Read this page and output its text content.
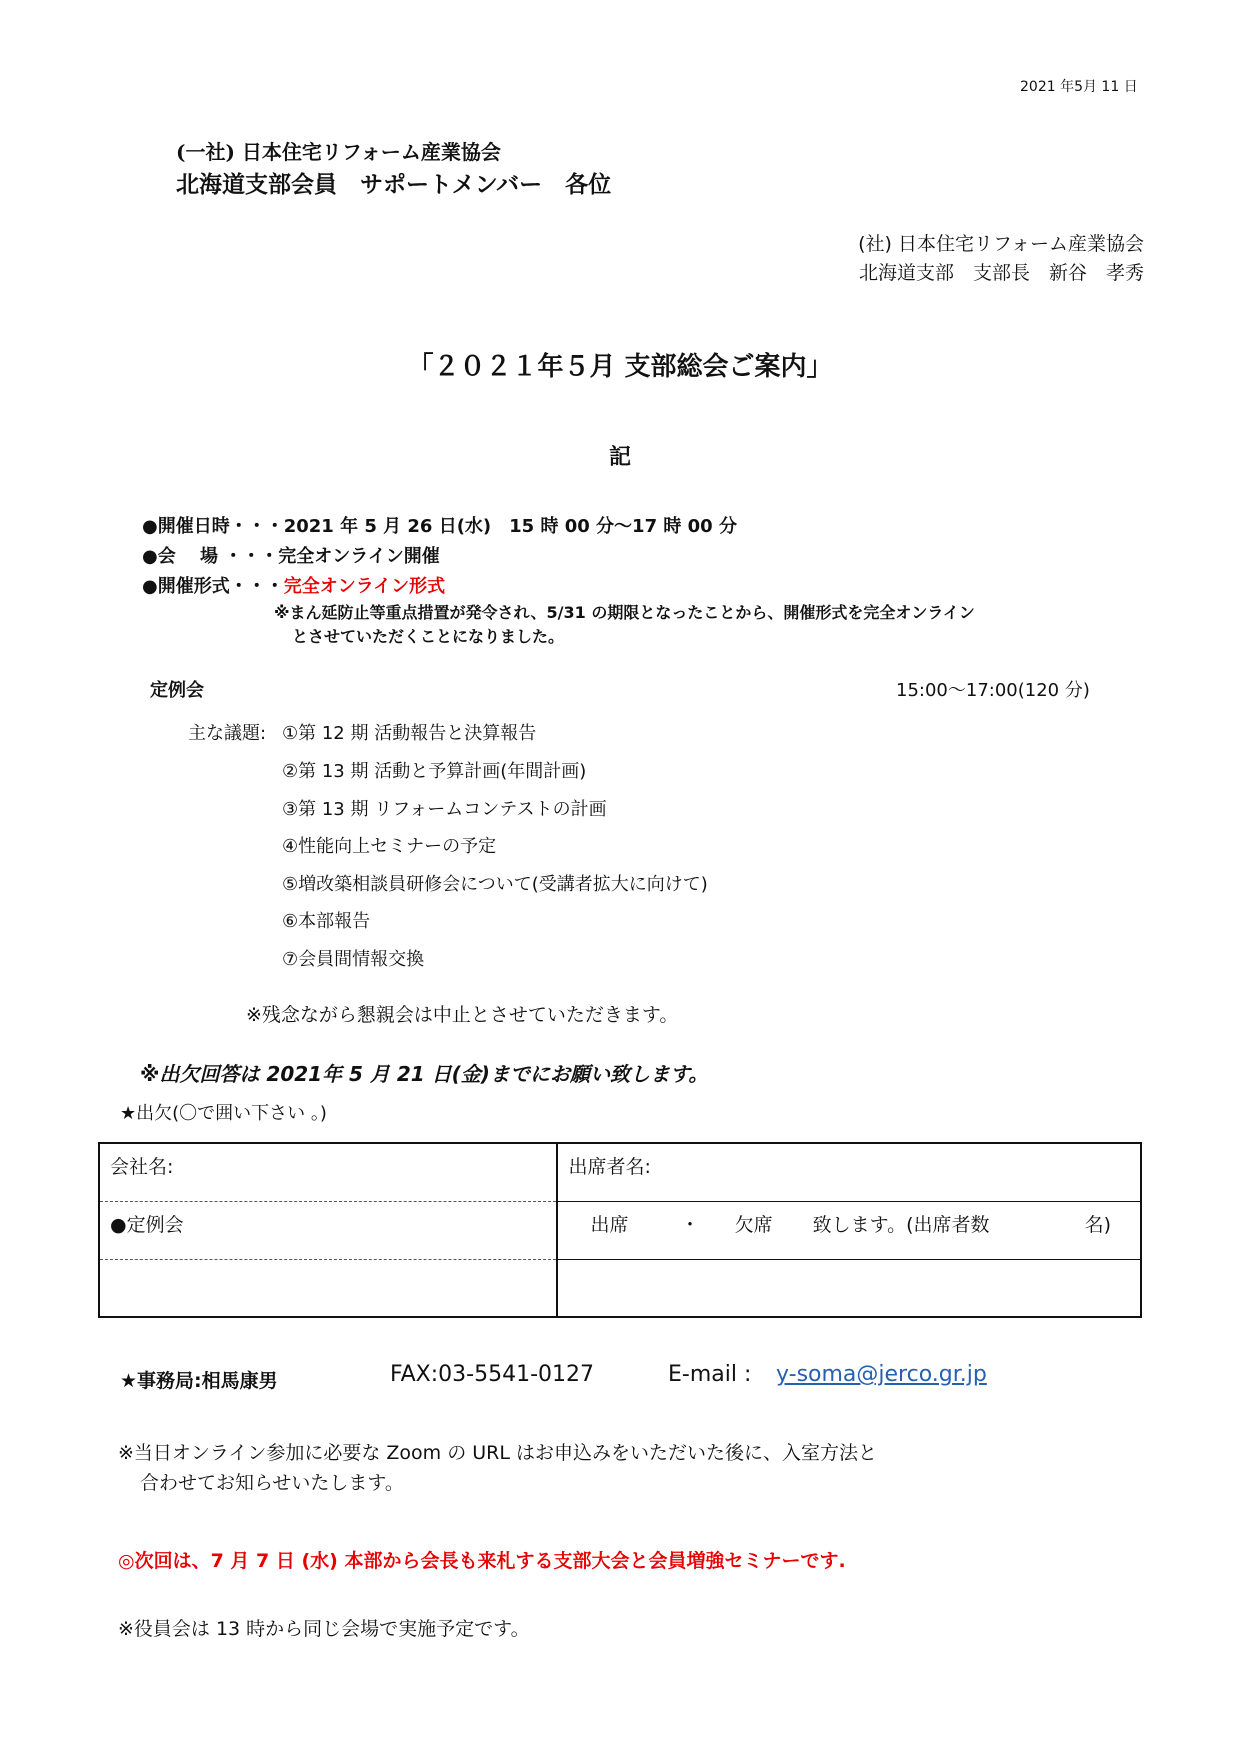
2021 年5月 11 日
(一社) 日本住宅リフォーム産業協会
北海道支部会員　サポートメンバー　各位
(社) 日本住宅リフォーム産業協会
北海道支部　支部長　新谷　孝秀
「２０２１年５月 支部総会ご案内」
記
●開催日時・・・2021 年 5 月 26 日(水)　15 時 00 分～17 時 00 分
●会　 場 ・・・完全オンライン開催
●開催形式・・・完全オンライン形式
※まん延防止等重点措置が発令され、5/31 の期限となったことから、開催形式を完全オンライン
とさせていただくことになりました。
定例会	15:00～17:00(120 分)
主な議題: ①第 12 期 活動報告と決算報告
②第 13 期 活動と予算計画(年間計画)
③第 13 期 リフォームコンテストの計画
④性能向上セミナーの予定
⑤増改築相談員研修会について(受講者拡大に向けて)
⑥本部報告
⑦会員間情報交換
※残念ながら懇親会は中止とさせていただきます。
※出欠回答は 2021年 5 月 21 日(金)までにお願い致します。
★出欠(〇で囲い下さい 。)
会社名:	出席者名:
●定例会	出席 ・ 欠席 致します。(出席者数 名)

★事務局:相馬康男	FAX:03-5541-0127	E-mail : y-soma@jerco.gr.jp
※当日オンライン参加に必要な Zoom の URL はお申込みをいただいた後に、入室方法と
合わせてお知らせいたします。
◎次回は、7 月 7 日 (水) 本部から会長も来札する支部大会と会員増強セミナーです.
※役員会は 13 時から同じ会場で実施予定です。
